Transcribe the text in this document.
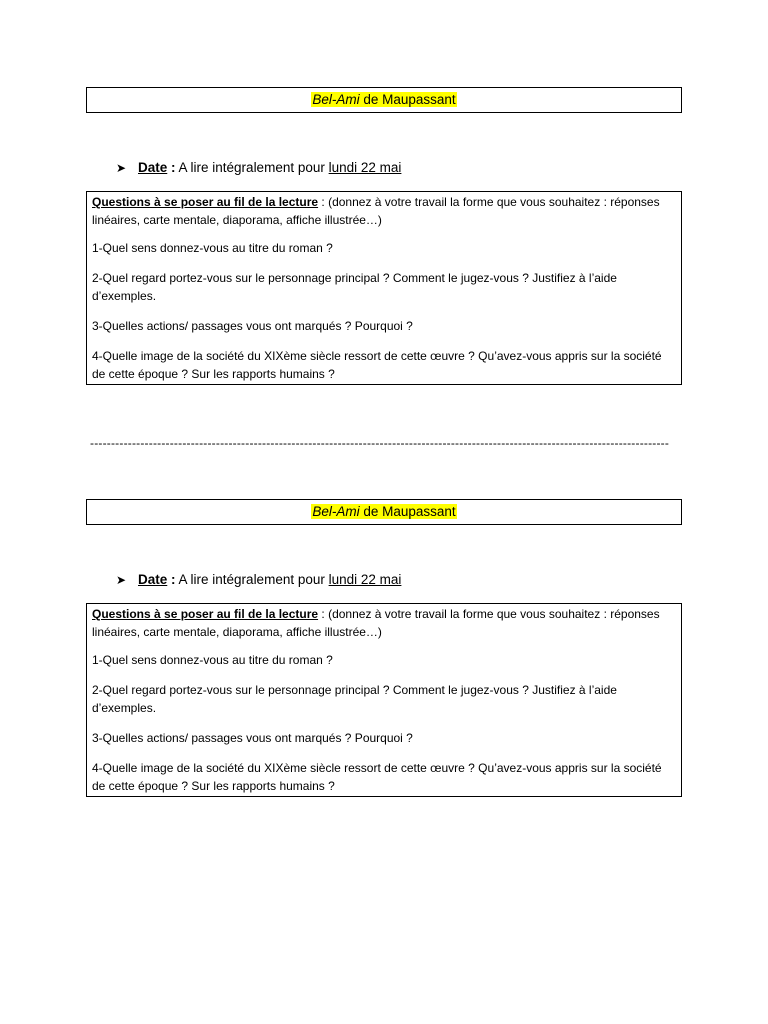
Bel-Ami de Maupassant
➤ Date : A lire intégralement pour lundi 22 mai

Questions à se poser au fil de la lecture : (donnez à votre travail la forme que vous souhaitez : réponses linéaires, carte mentale, diaporama, affiche illustrée…)

1-Quel sens donnez-vous au titre du roman ?

2-Quel regard portez-vous sur le personnage principal ? Comment le jugez-vous ? Justifiez à l’aide d’exemples.

3-Quelles actions/ passages vous ont marqués ? Pourquoi ?

4-Quelle image de la société du XIXème siècle ressort de cette œuvre ? Qu’avez-vous appris sur la société de cette époque ? Sur les rapports humains ?

------------------------------------------------------------------------------------------------------------------------------------------
Bel-Ami de Maupassant
➤ Date : A lire intégralement pour lundi 22 mai

Questions à se poser au fil de la lecture : (donnez à votre travail la forme que vous souhaitez : réponses linéaires, carte mentale, diaporama, affiche illustrée…)

1-Quel sens donnez-vous au titre du roman ?

2-Quel regard portez-vous sur le personnage principal ? Comment le jugez-vous ? Justifiez à l’aide d’exemples.

3-Quelles actions/ passages vous ont marqués ? Pourquoi ?

4-Quelle image de la société du XIXème siècle ressort de cette œuvre ? Qu’avez-vous appris sur la société de cette époque ? Sur les rapports humains ?
